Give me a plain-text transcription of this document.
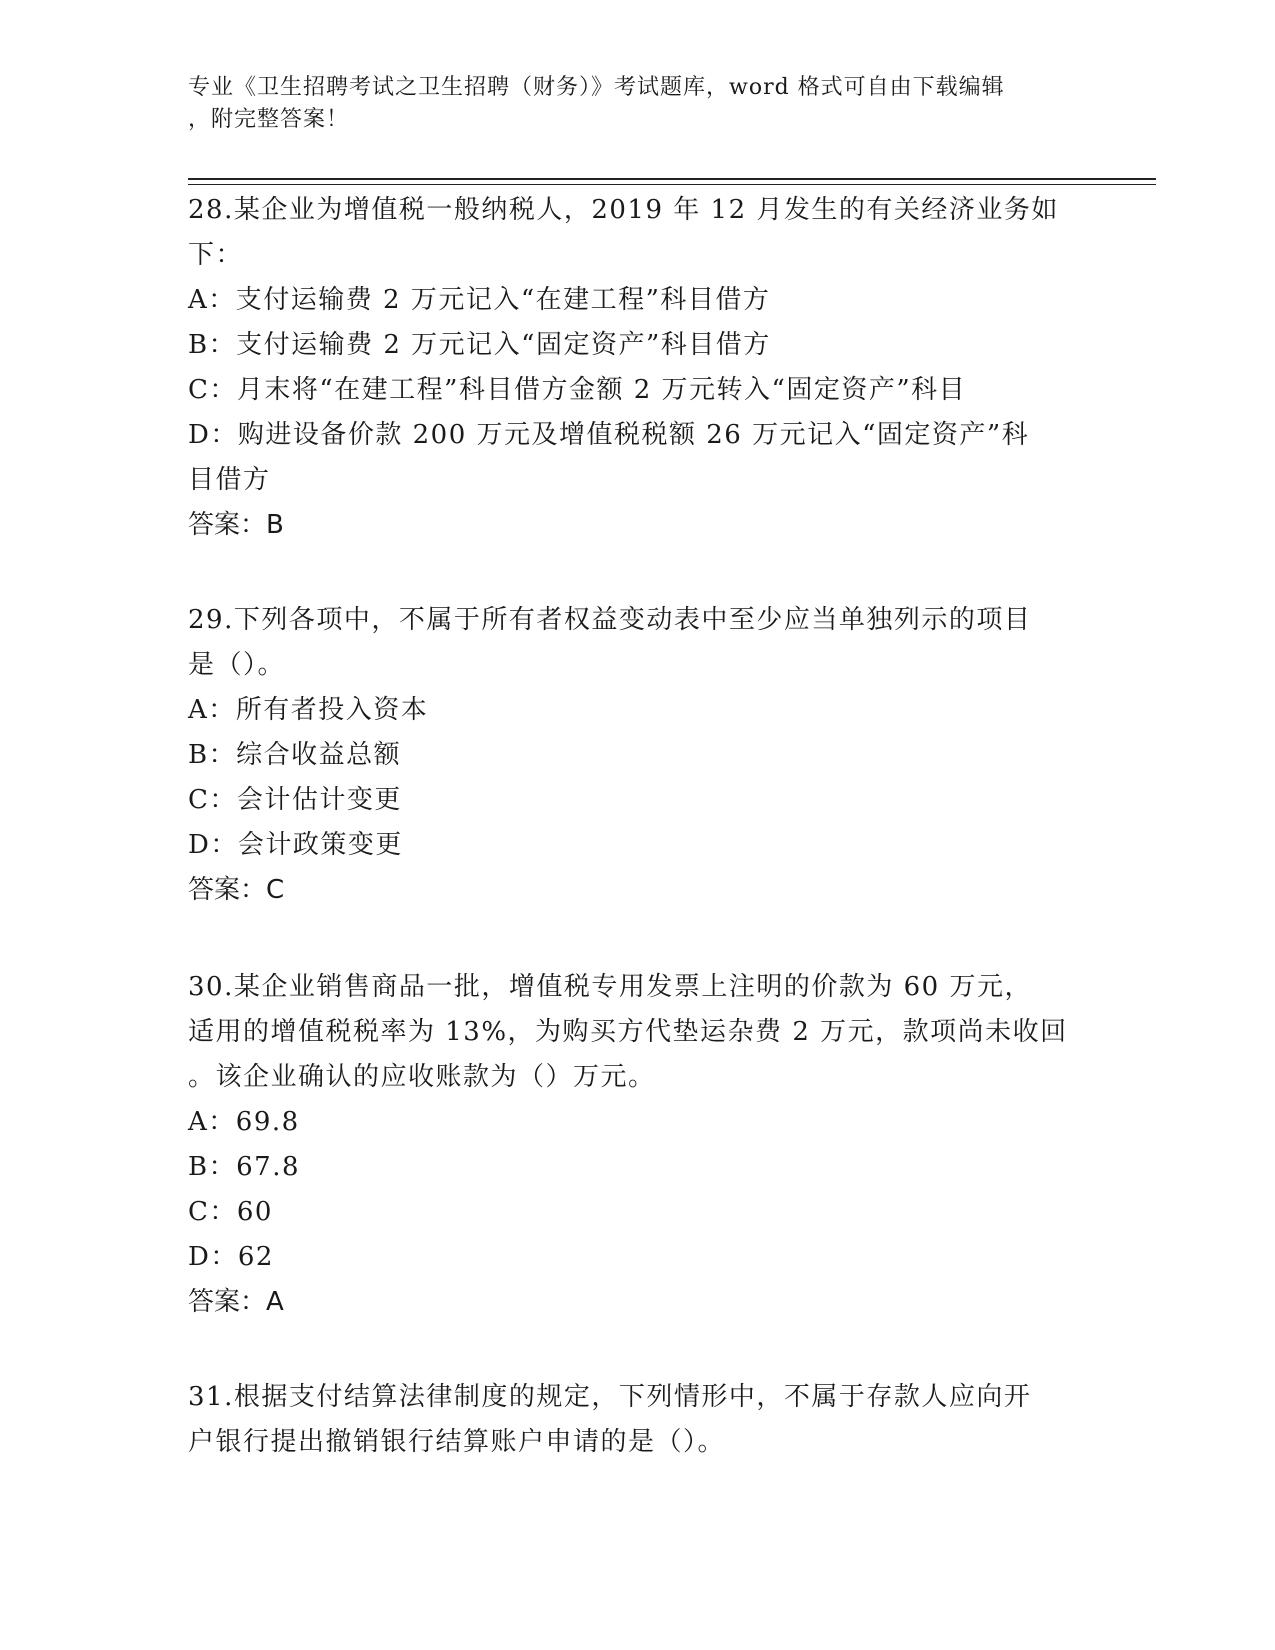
专业《卫生招聘考试之卫生招聘（财务）》考试题库，word 格式可自由下载编辑
，附完整答案！

28.某企业为增值税一般纳税人，2019 年 12 月发生的有关经济业务如

下：

A：支付运输费 2 万元记入“在建工程”科目借方

B：支付运输费 2 万元记入“固定资产”科目借方

C：月末将“在建工程”科目借方金额 2 万元转入“固定资产”科目

D：购进设备价款 200 万元及增值税税额 26 万元记入“固定资产”科

目借方

答案：B

29.下列各项中，不属于所有者权益变动表中至少应当单独列示的项目

是（）。

A：所有者投入资本

B：综合收益总额

C：会计估计变更

D：会计政策变更

答案：C

30.某企业销售商品一批，增值税专用发票上注明的价款为 60 万元，

适用的增值税税率为 13%，为购买方代垫运杂费 2 万元，款项尚未收回

。该企业确认的应收账款为（）万元。

A：69.8

B：67.8

C：60

D：62

答案：A

31.根据支付结算法律制度的规定，下列情形中，不属于存款人应向开

户银行提出撤销银行结算账户申请的是（）。
